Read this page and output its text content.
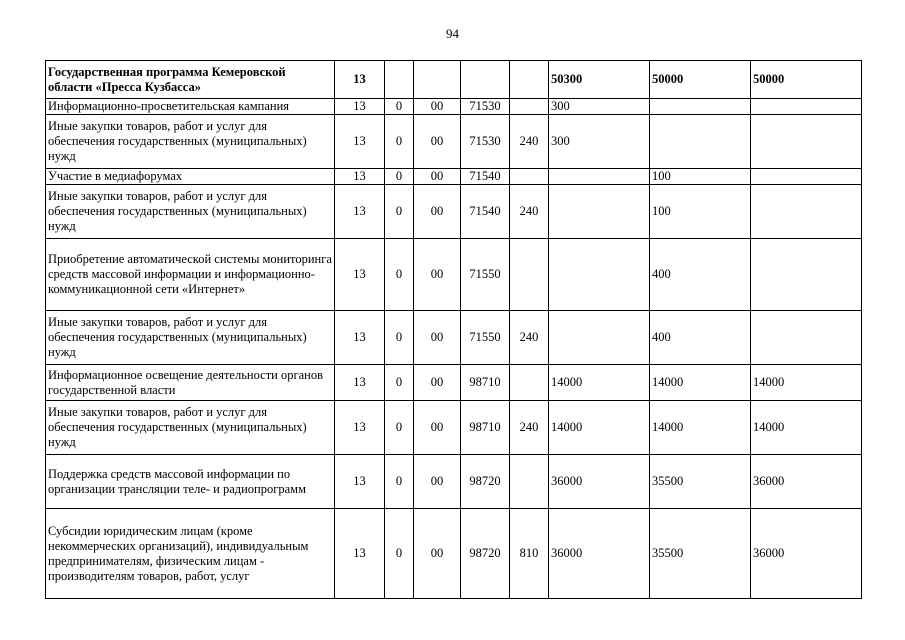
94
Государственная программа Кемеровской области «Пресса Кузбасса»	13					50300	50000	50000
Информационно-просветительская кампания	13	0	00	71530		300		
Иные закупки товаров, работ и услуг для обеспечения государственных (муниципальных) нужд	13	0	00	71530	240	300		
Участие в медиафорумах	13	0	00	71540			100	
Иные закупки товаров, работ и услуг для обеспечения государственных (муниципальных) нужд	13	0	00	71540	240		100	
Приобретение автоматической системы мониторинга средств массовой информации и информационно-коммуникационной сети «Интернет»	13	0	00	71550			400	
Иные закупки товаров, работ и услуг для обеспечения государственных (муниципальных) нужд	13	0	00	71550	240		400	
Информационное освещение деятельности органов государственной власти	13	0	00	98710		14000	14000	14000
Иные закупки товаров, работ и услуг для обеспечения государственных (муниципальных) нужд	13	0	00	98710	240	14000	14000	14000
Поддержка средств массовой информации по организации трансляции теле- и радиопрограмм	13	0	00	98720		36000	35500	36000
Субсидии юридическим лицам (кроме некоммерческих организаций), индивидуальным предпринимателям, физическим лицам - производителям товаров, работ, услуг	13	0	00	98720	810	36000	35500	36000
